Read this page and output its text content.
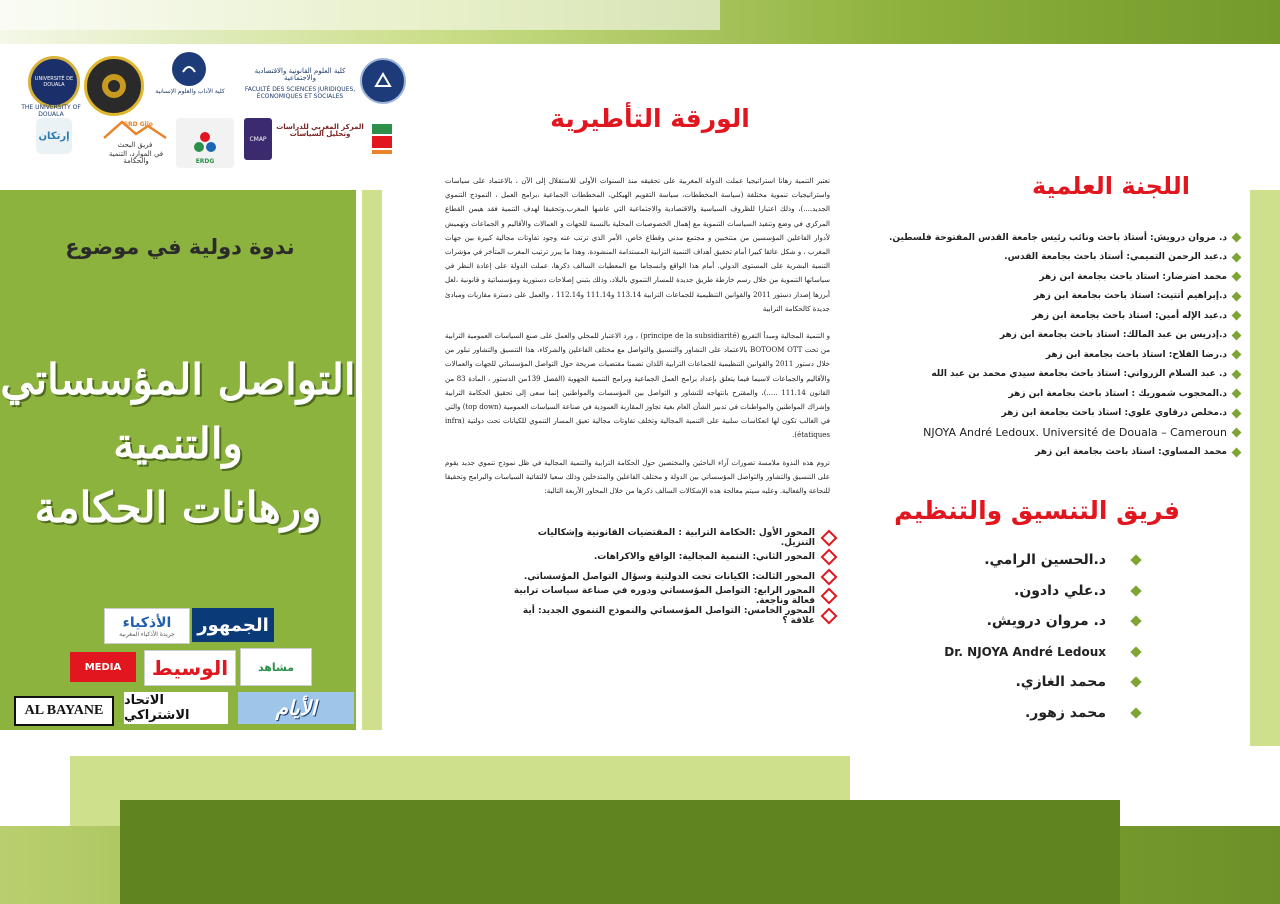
UNIVERSITÉ DE DOUALA
THE UNIVERSITY OF DOUALA
كلية الآداب والعلوم الإنسانية
كلية العلوم القانونية والاقتصادية والاجتماعية
FACULTÉ DES SCIENCES JURIDIQUES, ÉCONOMIQUES ET SOCIALES
إرتكان
GRD Glio
فريق البحث
في الموارد، التنمية والحكامة	ERDG
CMAP
المركز المغربي للدراسات وتحليل السياسات
الورقة التأطيرية

تعتبر التنمية رهانا استراتيجيا عملت الدولة المغربية على تحقيقه منذ السنوات الأولى للاستقلال إلى الآن ، بالاعتماد على سياسات واستراتيجيات تنموية مختلفة (سياسة المخططات، سياسة التقويم الهيكلي، المخططات الجماعية ،برامج العمل ، النموذج التنموي الجديد....)، وذلك اعتبارا للظروف السياسية والاقتصادية والاجتماعية التي عاشها المغرب.وتحقيقا لهدف التنمية فقد هيمن القطاع المركزي في وضع وتنفيذ السياسات التنموية مع إهمال الخصوصيات المحلية بالنسبة للجهات و العمالات والأقاليم و الجماعات وتهميش لأدوار الفاعلين المؤسسين من منتخبين و مجتمع مدني وقطاع خاص، الأمر الذي ترتب عنه وجود تفاوتات مجالية كبيرة بين جهات المغرب ، و شكل عائقا كبيرا أمام تحقيق أهداف التنمية الترابية المستدامة المنشودة. وهذا ما يبرر ترتيب المغرب المتأخر في مؤشرات التنمية البشرية على المستوى الدولي. أمام هذا الواقع وانسجاما مع المعطيات السالف ذكرها، عملت الدولة على إعادة النظر في سياساتها التنموية من خلال رسم خارطة طريق جديدة للمسار التنموي بالبلاد، وذلك بتبني إصلاحات دستورية ومؤسساتية و قانونية ،لعل أبرزها إصدار دستور 2011 والقوانين التنظيمية للجماعات الترابية 113.14 و111.14 و112.14 ، والعمل على دسترة مقاربات ومبادئ جديدة كالحكامة الترابية

و التنمية المجالية ومبدأ التفريع (principe de la subsidiarité) ، ورد الاعتبار للمحلي والعمل على صنع السياسات العمومية الترابية من تحت BOTOOM OTT بالاعتماد على التشاور والتنسيق والتواصل مع مختلف الفاعلين والشركاء، هذا التنسيق والتشاور تبلور من خلال دستور 2011 والقوانين التنظيمية للجماعات الترابية اللذان تضمنا مقتضيات صريحة حول التواصل المؤسساتي للجهات والعمالات والأقاليم والجماعات لاسيما فيما يتعلق بإعداد برامج العمل الجماعية وبرامج التنمية الجهوية (الفصل 139من الدستور ، المادة 83 من القانون 111.14 .....)، والمقترح بانتهاجه للتشاور و التواصل بين المؤسسات والمواطنين إنما سعى إلى تحقيق الحكامة الترابية وإشراك المواطنين والمواطنات في تدبير الشأن العام بغية تجاوز المقاربة العمودية في صناعة السياسات العمومية (top down) والتي في الغالب تكون لها انعكاسات سلبية على التنمية المجالية وتخلف تفاوتات مجالية تعيق المسار التنموي للكيانات تحت دولتية (infra étatiques).

تروم هذه الندوة ملامسة تصورات آراء الباحثين والمختصين حول الحكامة الترابية والتنمية المجالية في ظل نموذج تنموي جديد يقوم على التنسيق والتشاور والتواصل المؤسساتي بين الدولة و مختلف الفاعلين والمتدخلين وذلك سعيا لالتقائية السياسات والبرامج وتحقيقا للنجاعة والفعالية. وعليه سيتم معالجة هذه الإشكالات السالف ذكرها من خلال المحاور الأربعة التالية:

المحور الأول :الحكامة الترابية : المقتضيات القانونية وإشكاليات التنزيل.
المحور الثاني: التنمية المجالية: الواقع والاكراهات.
المحور الثالث: الكيانات تحت الدولتية وسؤال التواصل المؤسساتي.
المحور الرابع: التواصل المؤسساتي ودوره في صناعة سياسات ترابية فعالة وناجعة.
المحور الخامس: التواصل المؤسساتي والنموذج التنموي الجديد: أية علاقة ؟
اللجنة العلمية
د. مروان درويش: أستاذ باحث ونائب رئيس جامعة القدس المفتوحة فلسطين.
د.عبد الرحمن التميمي: أستاذ باحث بجامعة القدس.
محمد اضرضار: استاذ باحث بجامعة ابن زهر
د.إبراهيم أتتيت: استاذ باحث بجامعة ابن زهر
د.عبد الإله أمين: استاذ باحث بجامعة ابن زهر
د.إدريس بن عبد المالك: استاذ باحث بجامعة ابن زهر
د.رضا الفلاح: استاذ باحث بجامعة ابن زهر
د. عبد السلام الزرواني: استاذ باحث بجامعة سيدي محمد بن عبد الله
د.المحجوب شموريك : استاذ باحث بجامعة ابن زهر
د.مخلص درقاوي علوي: استاذ باحث بجامعة ابن زهر
NJOYA André Ledoux. Université de Douala – Cameroun
محمد المساوي: استاذ باحث بجامعة ابن زهر
فريق التنسيق والتنظيم
د.الحسين الرامي.
د.علي دادون.
د. مروان درويش.
Dr. NJOYA André Ledoux
محمد الغازي.
محمد زهور.
ندوة دولية في موضوع
التواصل المؤسساتي
والتنمية
ورهانات الحكامة
الأذكياء
جريدة الأذكياء المغربية الجمهور
MEDIA	الوسيط	مشاهد
AL BAYANE
الاتحاد الاشتراكي	الأيام
